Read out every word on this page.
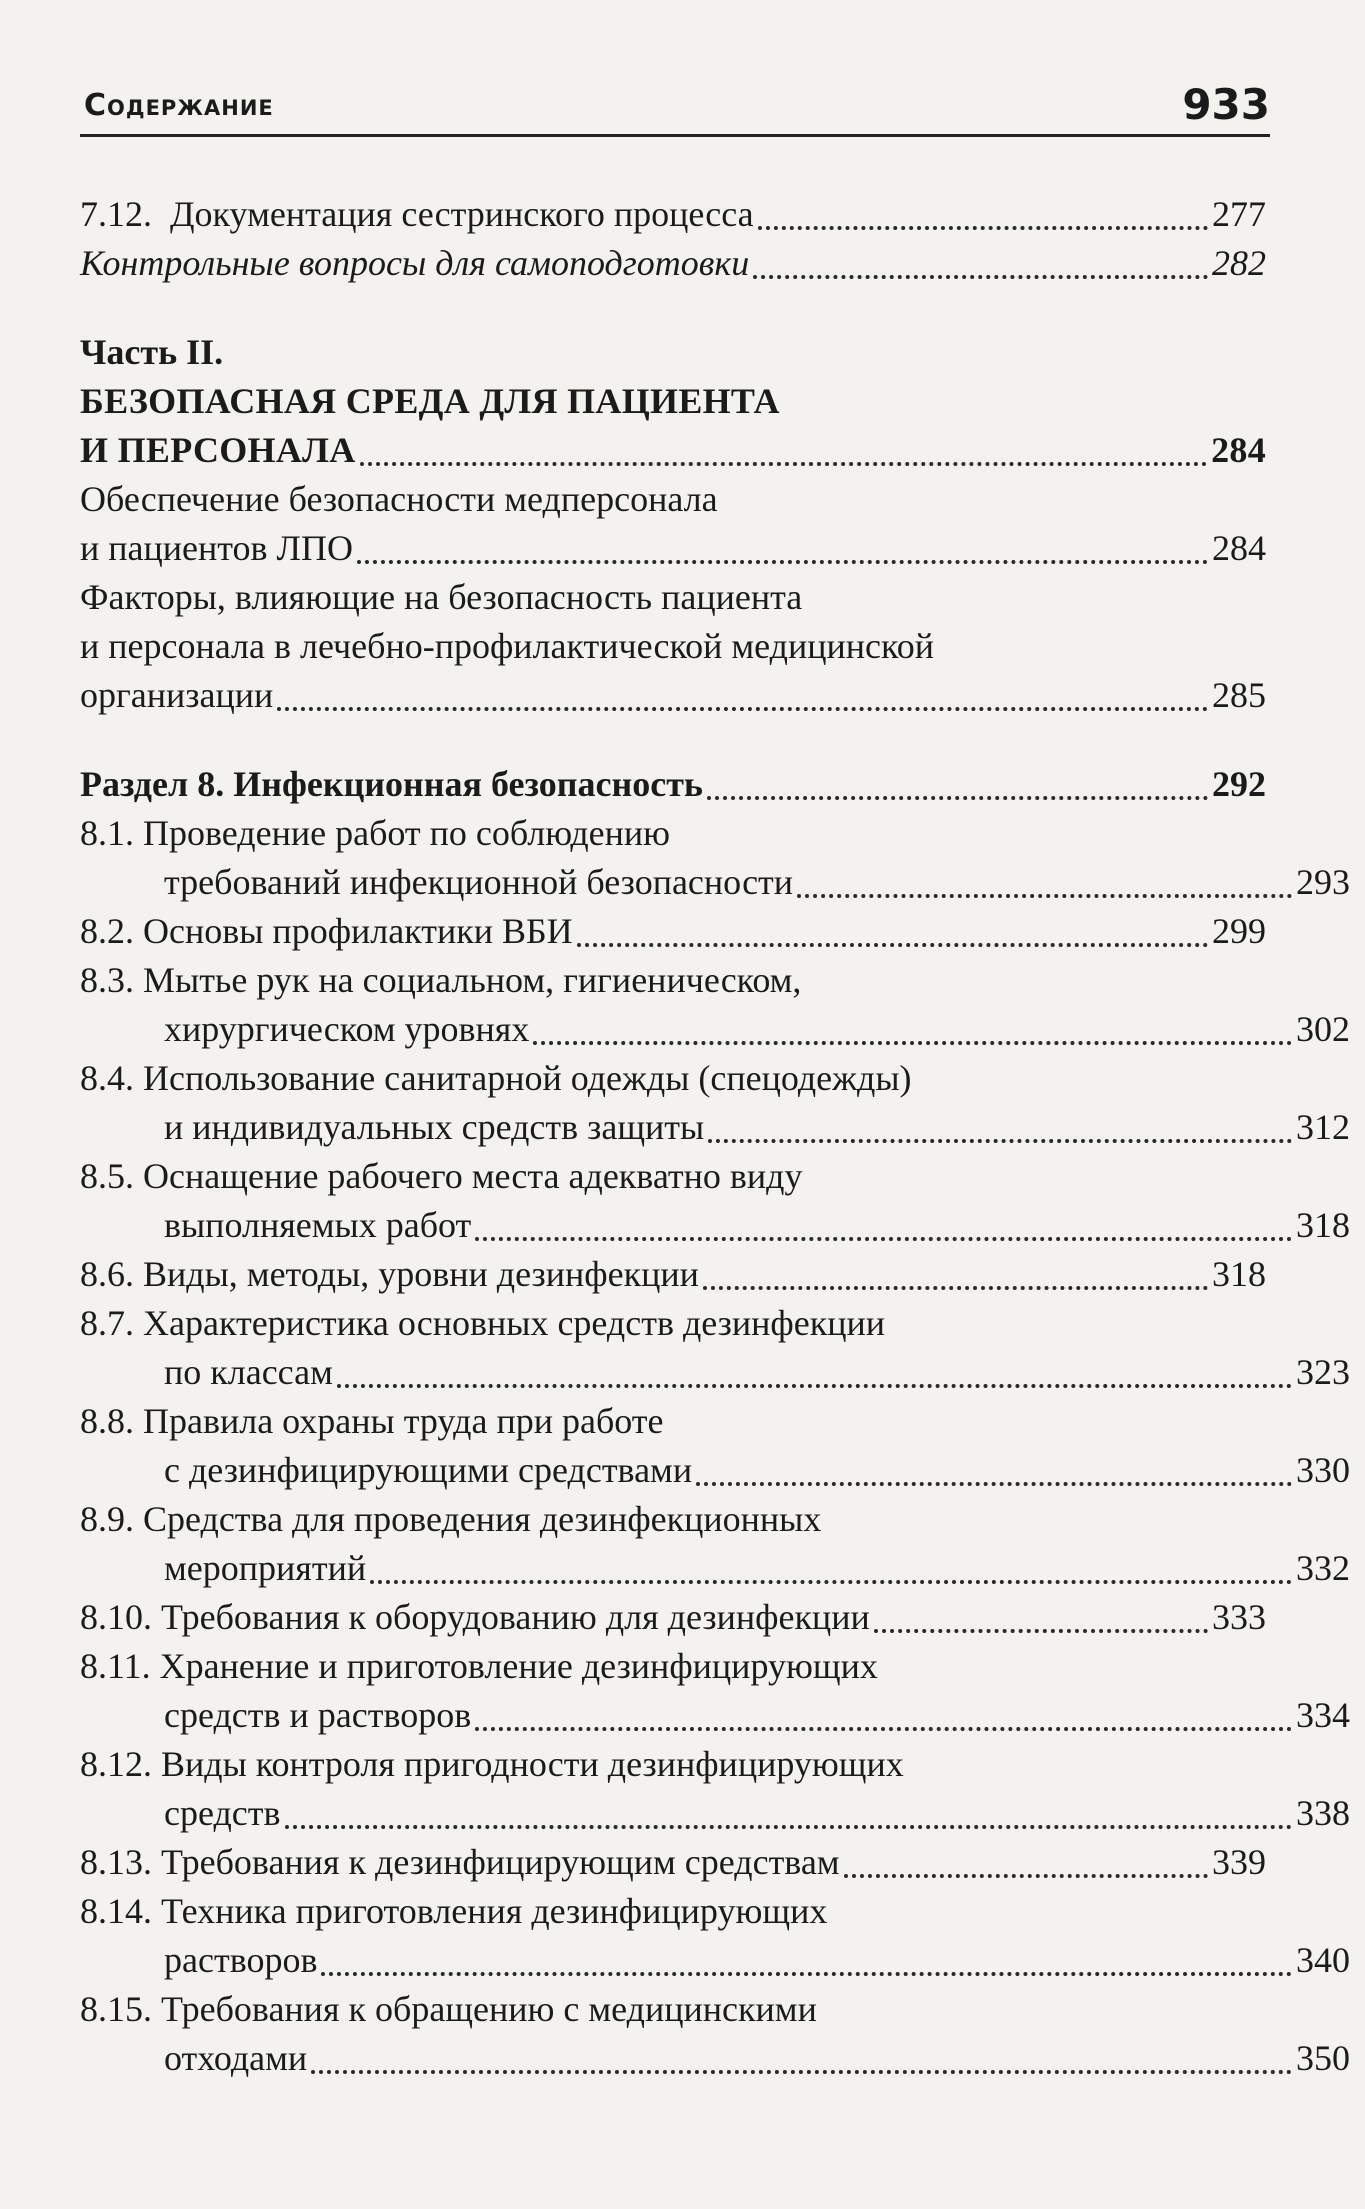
Содержание	933
7.12. Документация сестринского процесса	277
Контрольные вопросы для самоподготовки	282
Часть II.
БЕЗОПАСНАЯ СРЕДА ДЛЯ ПАЦИЕНТА
И ПЕРСОНАЛА	284
Обеспечение безопасности медперсонала
и пациентов ЛПО	284
Факторы, влияющие на безопасность пациента
и персонала в лечебно-профилактической медицинской
организации	285
Раздел 8. Инфекционная безопасность	292
8.1. Проведение работ по соблюдению
требований инфекционной безопасности	293
8.2. Основы профилактики ВБИ	299
8.3. Мытье рук на социальном, гигиеническом,
хирургическом уровнях	302
8.4. Использование санитарной одежды (спецодежды)
и индивидуальных средств защиты	312
8.5. Оснащение рабочего места адекватно виду
выполняемых работ	318
8.6. Виды, методы, уровни дезинфекции	318
8.7. Характеристика основных средств дезинфекции
по классам	323
8.8. Правила охраны труда при работе
с дезинфицирующими средствами	330
8.9. Средства для проведения дезинфекционных
мероприятий	332
8.10. Требования к оборудованию для дезинфекции	333
8.11. Хранение и приготовление дезинфицирующих
средств и растворов	334
8.12. Виды контроля пригодности дезинфицирующих
средств	338
8.13. Требования к дезинфицирующим средствам	339
8.14. Техника приготовления дезинфицирующих
растворов	340
8.15. Требования к обращению с медицинскими
отходами	350
